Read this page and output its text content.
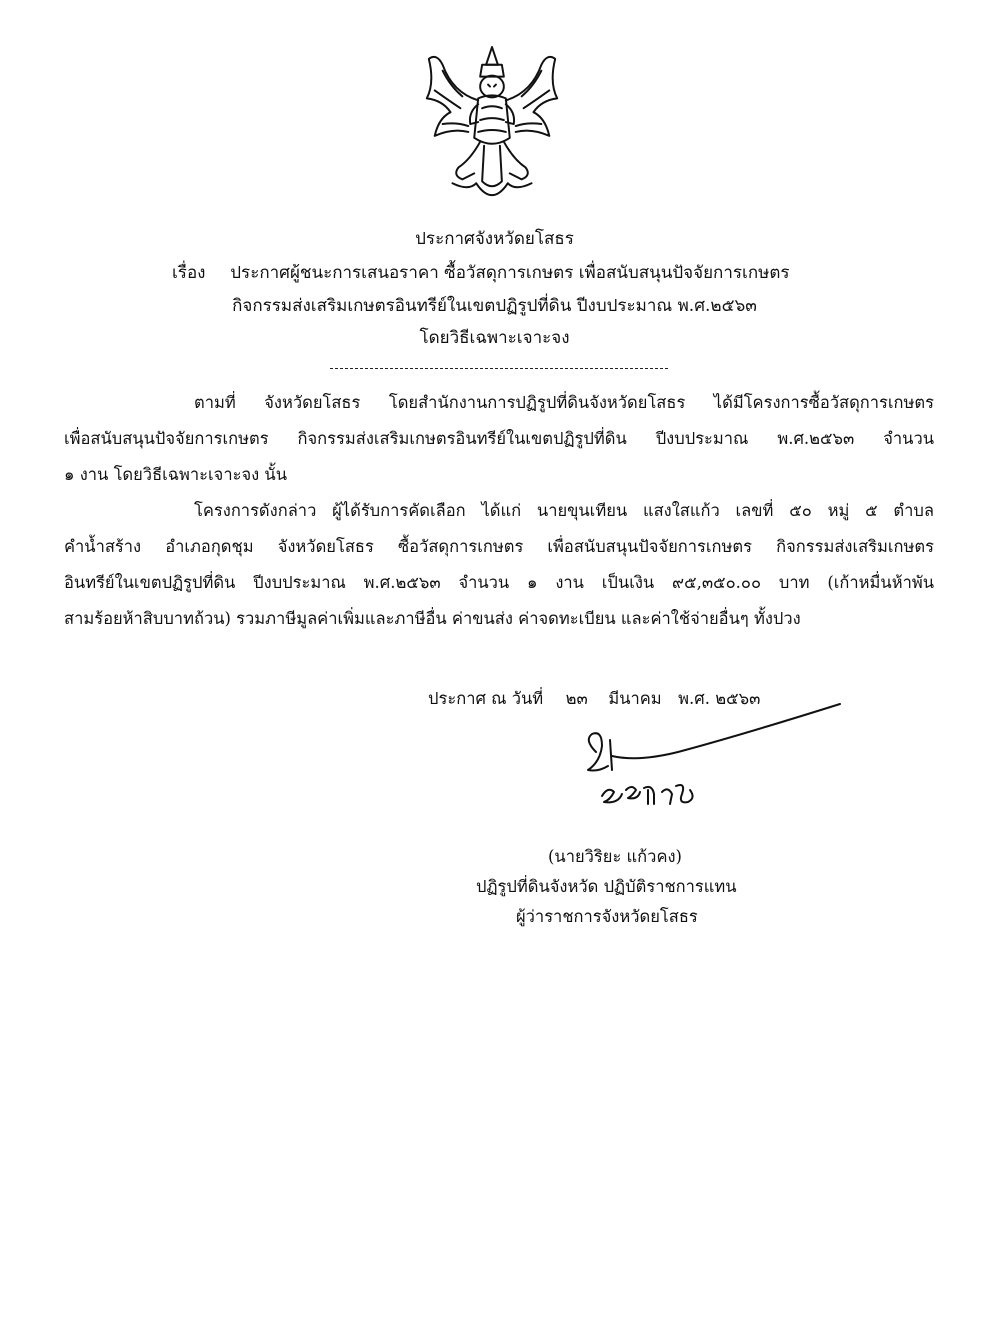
ประกาศจังหวัดยโสธร
เรื่อง ประกาศผู้ชนะการเสนอราคา ซื้อวัสดุการเกษตร เพื่อสนับสนุนปัจจัยการเกษตร
กิจกรรมส่งเสริมเกษตรอินทรีย์ในเขตปฏิรูปที่ดิน ปีงบประมาณ พ.ศ.๒๕๖๓
โดยวิธีเฉพาะเจาะจง
ตามที่ จังหวัดยโสธร โดยสำนักงานการปฏิรูปที่ดินจังหวัดยโสธร ได้มีโครงการซื้อวัสดุการเกษตร
เพื่อสนับสนุนปัจจัยการเกษตร กิจกรรมส่งเสริมเกษตรอินทรีย์ในเขตปฏิรูปที่ดิน ปีงบประมาณ พ.ศ.๒๕๖๓ จำนวน
๑ งาน โดยวิธีเฉพาะเจาะจง นั้น
โครงการดังกล่าว ผู้ได้รับการคัดเลือก ได้แก่ นายขุนเทียน แสงใสแก้ว เลขที่ ๕๐ หมู่ ๕ ตำบล
คำน้ำสร้าง อำเภอกุดชุม จังหวัดยโสธร ซื้อวัสดุการเกษตร เพื่อสนับสนุนปัจจัยการเกษตร กิจกรรมส่งเสริมเกษตร
อินทรีย์ในเขตปฏิรูปที่ดิน ปีงบประมาณ พ.ศ.๒๕๖๓ จำนวน ๑ งาน เป็นเงิน ๙๕,๓๕๐.๐๐ บาท (เก้าหมื่นห้าพัน
สามร้อยห้าสิบบาทถ้วน) รวมภาษีมูลค่าเพิ่มและภาษีอื่น ค่าขนส่ง ค่าจดทะเบียน และค่าใช้จ่ายอื่นๆ ทั้งปวง
ประกาศ ณ วันที่ ๒๓ มีนาคม พ.ศ. ๒๕๖๓
(นายวิริยะ แก้วคง)
ปฏิรูปที่ดินจังหวัด ปฏิบัติราชการแทน
ผู้ว่าราชการจังหวัดยโสธร
